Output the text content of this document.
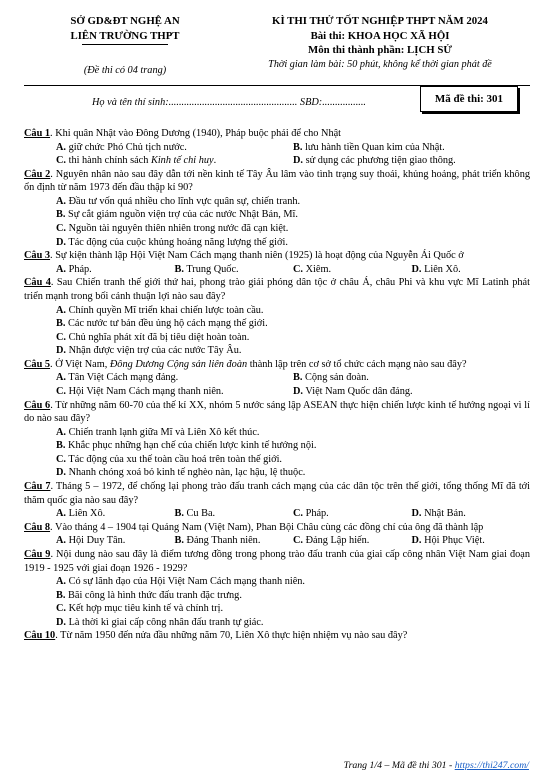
SỞ GD&ĐT NGHỆ AN
LIÊN TRƯỜNG THPT
KÌ THI THỬ TỐT NGHIỆP THPT NĂM 2024
Bài thi: KHOA HỌC XÃ HỘI
Môn thi thành phần: LỊCH SỬ
Thời gian làm bài: 50 phút, không kể thời gian phát đề
(Đề thi có 04 trang)
Họ và tên thí sinh:.................................................. SBD:.................	Mã đề thi: 301
Câu 1. Khi quân Nhật vào Đông Dương (1940), Pháp buộc phải để cho Nhật
A. giữ chức Phó Chủ tịch nước.	B. lưu hành tiền Quan kim của Nhật.
C. thi hành chính sách Kinh tế chỉ huy.	D. sử dụng các phương tiện giao thông.
Câu 2. Nguyên nhân nào sau đây dẫn tới nền kinh tế Tây Âu lâm vào tình trạng suy thoái, khủng hoảng, phát triển không ổn định từ năm 1973 đến đầu thập kỉ 90?
A. Đầu tư vốn quá nhiều cho lĩnh vực quân sự, chiến tranh.
B. Sự cắt giảm nguồn viện trợ của các nước Nhật Bản, Mĩ.
C. Nguồn tài nguyên thiên nhiên trong nước đã cạn kiệt.
D. Tác động của cuộc khủng hoảng năng lượng thế giới.
Câu 3. Sự kiện thành lập Hội Việt Nam Cách mạng thanh niên (1925) là hoạt động của Nguyễn Ái Quốc ở
A. Pháp.	B. Trung Quốc.	C. Xiêm.	D. Liên Xô.
Câu 4. Sau Chiến tranh thế giới thứ hai, phong trào giải phóng dân tộc ở châu Á, châu Phi và khu vực Mĩ Latinh phát triển mạnh trong bối cảnh thuận lợi nào sau đây?
A. Chính quyền Mĩ triển khai chiến lược toàn cầu.
B. Các nước tư bản đều ủng hộ cách mạng thế giới.
C. Chủ nghĩa phát xít đã bị tiêu diệt hoàn toàn.
D. Nhận được viện trợ của các nước Tây Âu.
Câu 5. Ở Việt Nam, Đông Dương Cộng sản liên đoàn thành lập trên cơ sở tổ chức cách mạng nào sau đây?
A. Tân Việt Cách mạng đảng.	B. Cộng sản đoàn.
C. Hội Việt Nam Cách mạng thanh niên.	D. Việt Nam Quốc dân đảng.
Câu 6. Từ những năm 60-70 của thế kỉ XX, nhóm 5 nước sáng lập ASEAN thực hiện chiến lược kinh tế hướng ngoại vì lí do nào sau đây?
A. Chiến tranh lạnh giữa Mĩ và Liên Xô kết thúc.
B. Khắc phục những hạn chế của chiến lược kinh tế hướng nội.
C. Tác động của xu thế toàn cầu hoá trên toàn thế giới.
D. Nhanh chóng xoá bỏ kinh tế nghèo nàn, lạc hậu, lệ thuộc.
Câu 7. Tháng 5 – 1972, để chống lại phong trào đấu tranh cách mạng của các dân tộc trên thế giới, tổng thống Mĩ đã tới thăm quốc gia nào sau đây?
A. Liên Xô.	B. Cu Ba.	C. Pháp.	D. Nhật Bản.
Câu 8. Vào tháng 4 – 1904 tại Quảng Nam (Việt Nam), Phan Bội Châu cùng các đồng chí của ông đã thành lập
A. Hội Duy Tân.	B. Đảng Thanh niên.	C. Đảng Lập hiến.	D. Hội Phục Việt.
Câu 9. Nội dung nào sau đây là điểm tương đồng trong phong trào đấu tranh của giai cấp công nhân Việt Nam giai đoạn 1919 - 1925 với giai đoạn 1926 - 1929?
A. Có sự lãnh đạo của Hội Việt Nam Cách mạng thanh niên.
B. Bãi công là hình thức đấu tranh đặc trưng.
C. Kết hợp mục tiêu kinh tế và chính trị.
D. Là thời kì giai cấp công nhân đấu tranh tự giác.
Câu 10. Từ năm 1950 đến nửa đầu những năm 70, Liên Xô thực hiện nhiệm vụ nào sau đây?
Trang 1/4 – Mã đề thi 301 - https://thi247.com/
